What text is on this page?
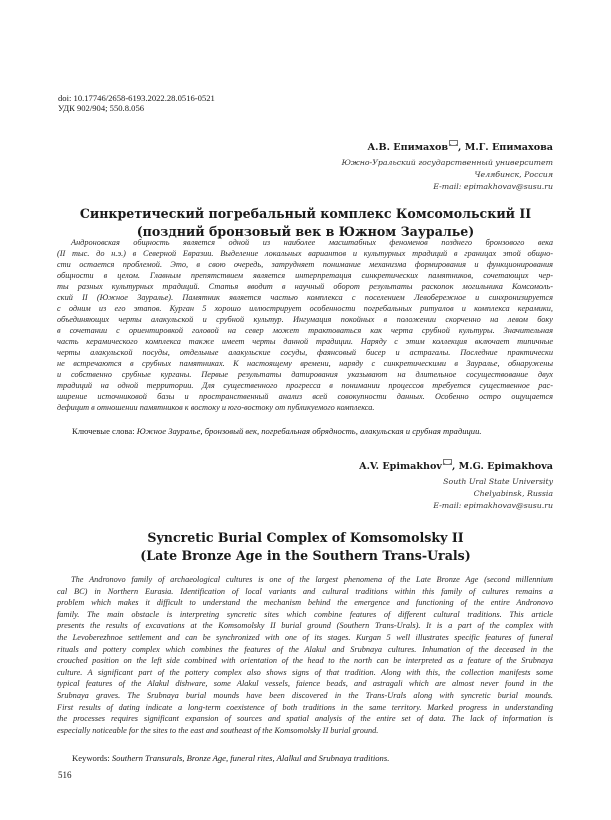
doi: 10.17746/2658-6193.2022.28.0516-0521
УДК 902/904; 550.8.056
А.В. Епимахов , М.Г. Епимахова
Южно-Уральский государственный университет
Челябинск, Россия
E-mail: epimakhovav@susu.ru
Синкретический погребальный комплекс Комсомольский II
(поздний бронзовый век в Южном Зауралье)
Андроновская общность является одной из наиболее масштабных феноменов позднего бронзового века
(II тыс. до н.э.) в Северной Евразии. Выделение локальных вариантов и культурных традиций в границах этой общно-
сти остается проблемой. Это, в свою очередь, затрудняет понимание механизма формирования и функционирования
общности в целом. Главным препятствием является интерпретация синкретических памятников, сочетающих чер-
ты разных культурных традиций. Статья вводит в научный оборот результаты раскопок могильника Комсомоль-
ский II (Южное Зауралье). Памятник является частью комплекса с поселением Левобережное и синхронизируется
с одним из его этапов. Курган 5 хорошо иллюстрирует особенности погребальных ритуалов и комплекса керамики,
объединяющих черты алакульской и срубной культур. Ингумация покойных в положении скорченно на левом боку
в сочетании с ориентировкой головой на север может трактоваться как черта срубной культуры. Значительная
часть керамического комплекса также имеет черты данной традиции. Наряду с этим коллекция включает типичные
черты алакульской посуды, отдельные алакульские сосуды, фаянсовый бисер и астрагалы. Последние практически
не встречаются в срубных памятниках. К настоящему времени, наряду с синкретическими в Зауралье, обнаружены
и собственно срубные курганы. Первые результаты датирования указывают на длительное сосуществование двух
традиций на одной территории. Для существенного прогресса в понимании процессов требуется существенное рас-
ширение источниковой базы и пространственный анализ всей совокупности данных. Особенно остро ощущается
дефицит в отношении памятников к востоку и юго-востоку от публикуемого комплекса.
Ключевые слова: Южное Зауралье, бронзовый век, погребальная обрядность, алакульская и срубная традиции.
A.V. Epimakhov , M.G. Epimakhova
South Ural State University
Chelyabinsk, Russia
E-mail: epimakhovav@susu.ru
Syncretic Burial Complex of Komsomolsky II
(Late Bronze Age in the Southern Trans-Urals)
The Andronovo family of archaeological cultures is one of the largest phenomena of the Late Bronze Age (second millennium
cal BC) in Northern Eurasia. Identification of local variants and cultural traditions within this family of cultures remains a
problem which makes it difficult to understand the mechanism behind the emergence and functioning of the entire Andronovo
family. The main obstacle is interpreting syncretic sites which combine features of different cultural traditions. This article
presents the results of excavations at the Komsomolsky II burial ground (Southern Trans-Urals). It is a part of the complex with
the Levoberezhnoe settlement and can be synchronized with one of its stages. Kurgan 5 well illustrates specific features of funeral
rituals and pottery complex which combines the features of the Alakul and Srubnaya cultures. Inhumation of the deceased in the
crouched position on the left side combined with orientation of the head to the north can be interpreted as a feature of the Srubnaya
culture. A significant part of the pottery complex also shows signs of that tradition. Along with this, the collection manifests some
typical features of the Alakul dishware, some Alakul vessels, faience beads, and astragali which are almost never found in the
Srubnaya graves. The Srubnaya burial mounds have been discovered in the Trans-Urals along with syncretic burial mounds.
First results of dating indicate a long-term coexistence of both traditions in the same territory. Marked progress in understanding
the processes requires significant expansion of sources and spatial analysis of the entire set of data. The lack of information is
especially noticeable for the sites to the east and southeast of the Komsomolsky II burial ground.
Keywords: Southern Transurals, Bronze Age, funeral rites, Alalkul and Srubnaya traditions.
516
